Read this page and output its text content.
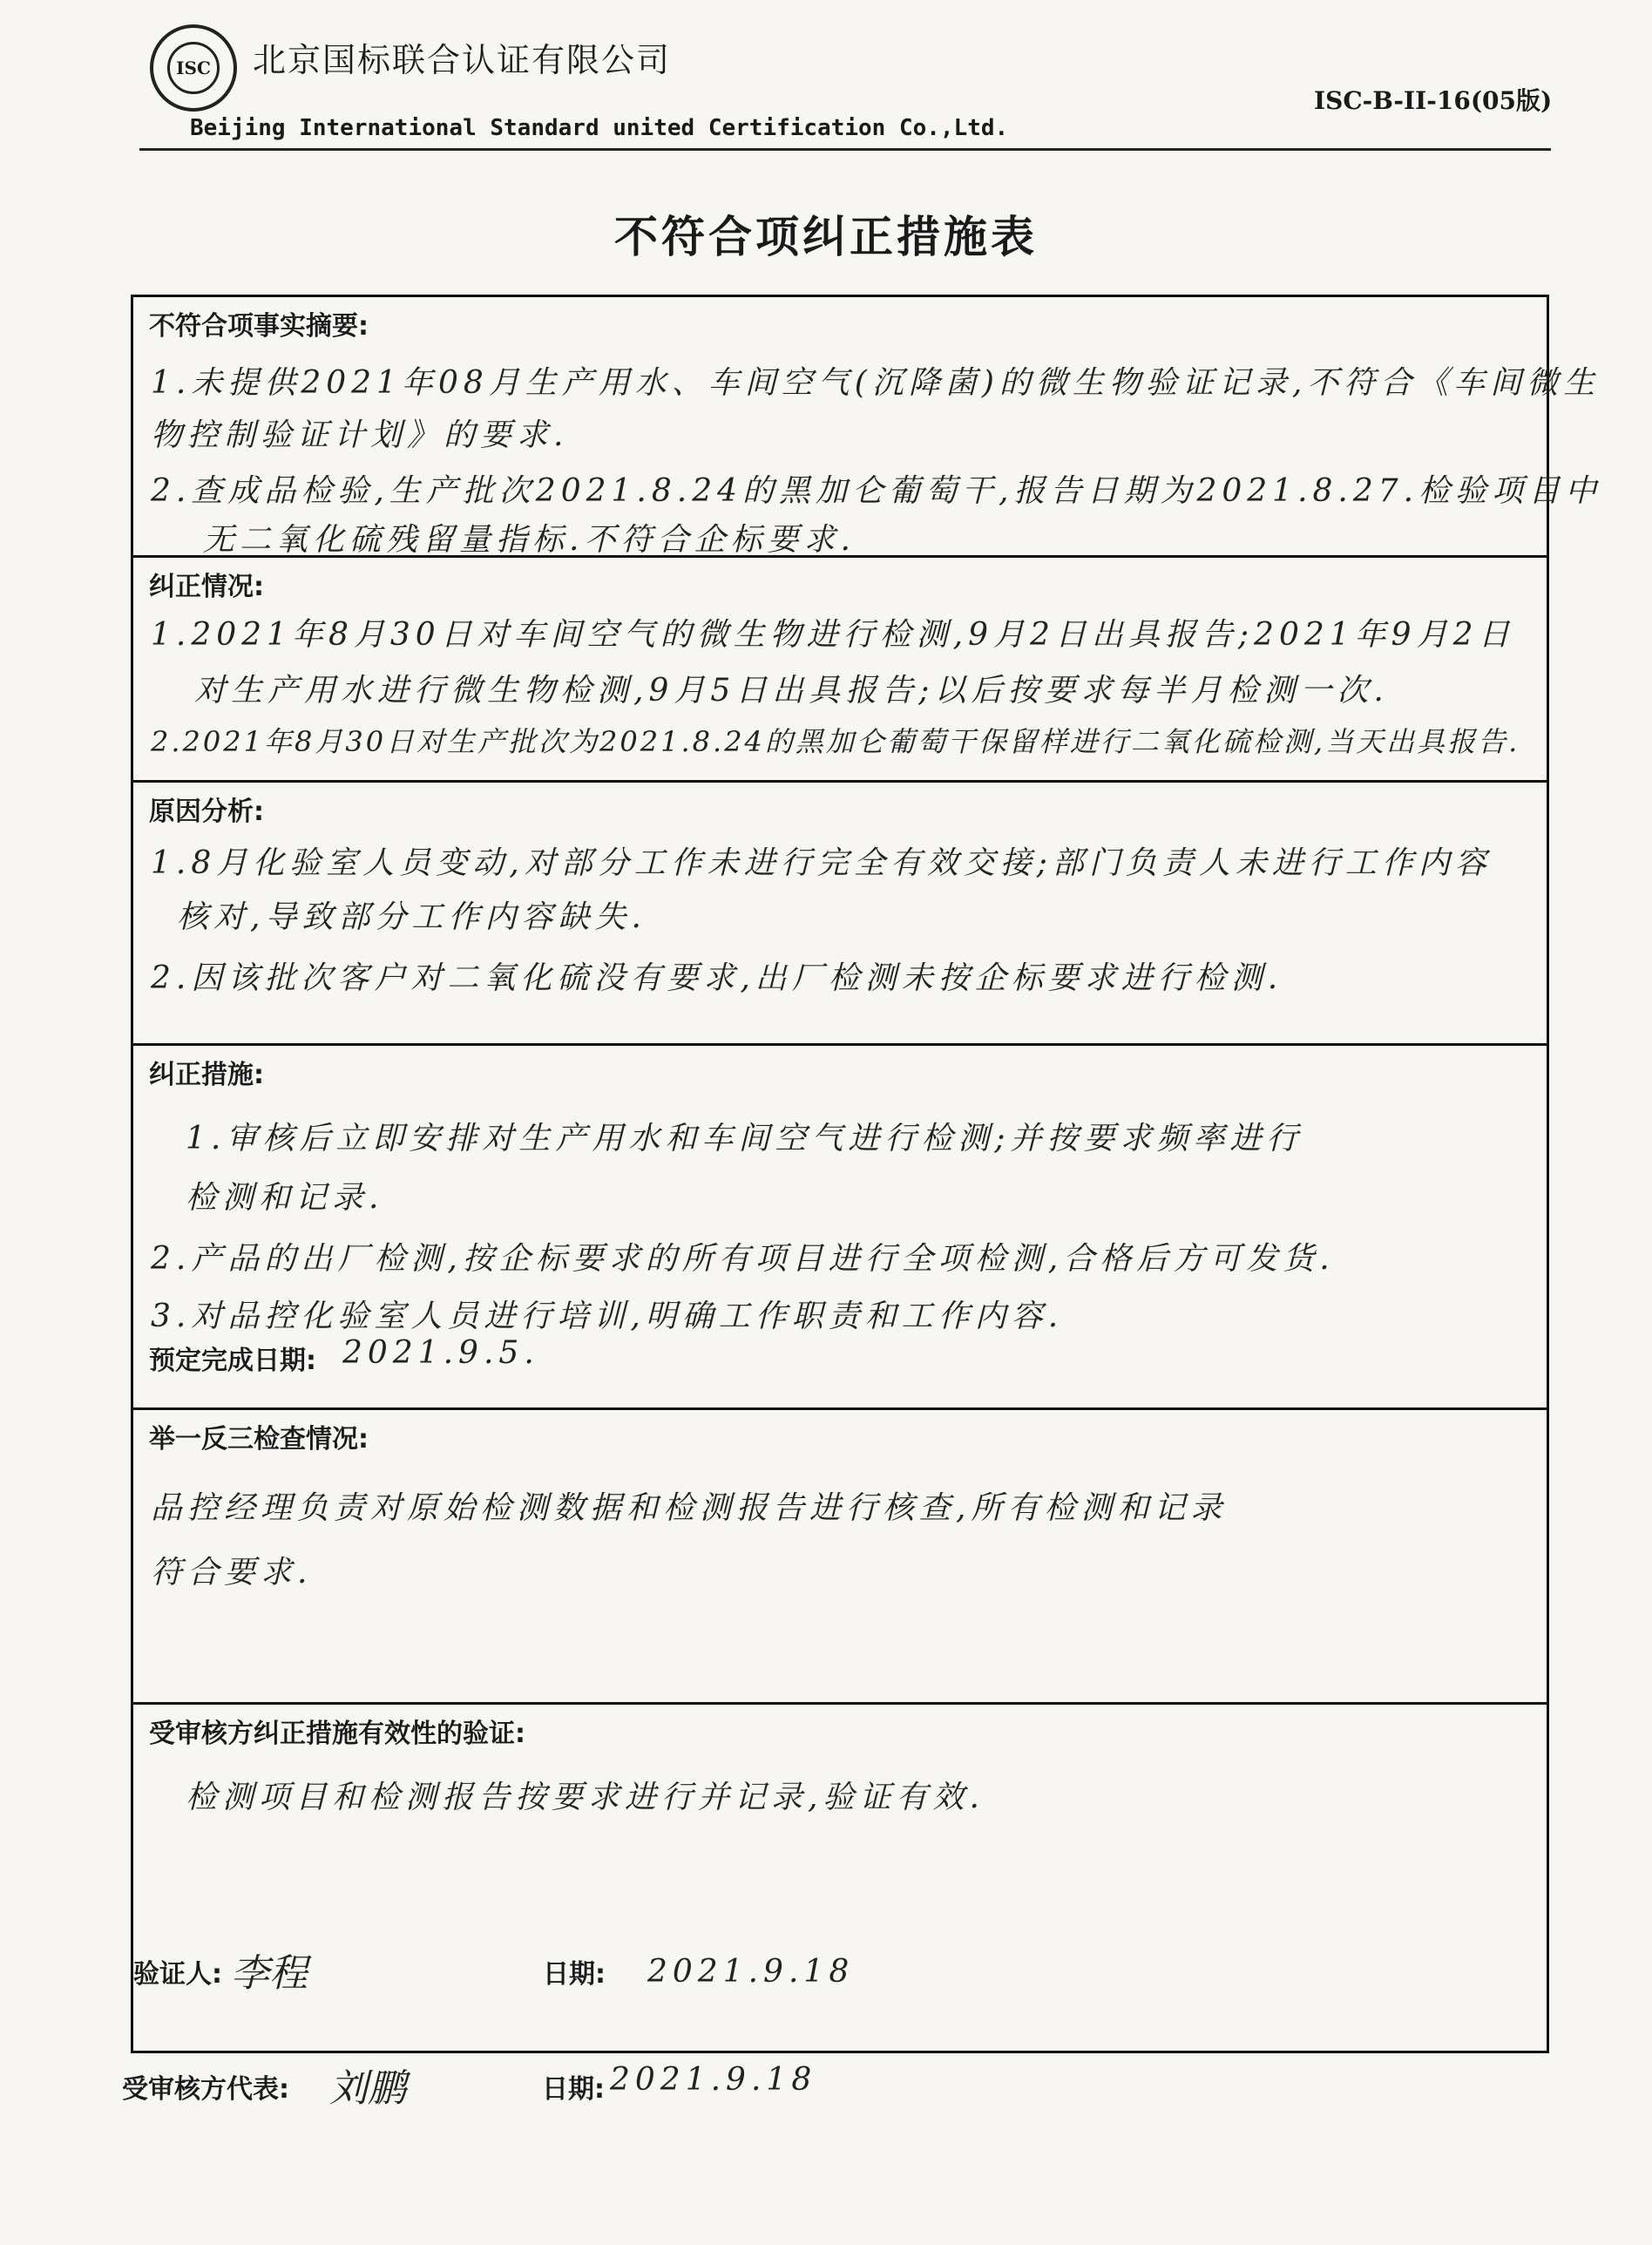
ISC 北京国标联合认证有限公司
Beijing International Standard united Certification Co.,Ltd.
ISC-B-II-16(05版)
不符合项纠正措施表
不符合项事实摘要:
1.未提供2021年08月生产用水、车间空气(沉降菌)的微生物验证记录,不符合《车间微生
物控制验证计划》的要求.
2.查成品检验,生产批次2021.8.24的黑加仑葡萄干,报告日期为2021.8.27.检验项目中
无二氧化硫残留量指标.不符合企标要求.
纠正情况:
1.2021年8月30日对车间空气的微生物进行检测,9月2日出具报告;2021年9月2日
对生产用水进行微生物检测,9月5日出具报告;以后按要求每半月检测一次.
2.2021年8月30日对生产批次为2021.8.24的黑加仑葡萄干保留样进行二氧化硫检测,当天出具报告.
原因分析:
1.8月化验室人员变动,对部分工作未进行完全有效交接;部门负责人未进行工作内容
核对,导致部分工作内容缺失.
2.因该批次客户对二氧化硫没有要求,出厂检测未按企标要求进行检测.
纠正措施:
1.审核后立即安排对生产用水和车间空气进行检测;并按要求频率进行
检测和记录.
2.产品的出厂检测,按企标要求的所有项目进行全项检测,合格后方可发货.
3.对品控化验室人员进行培训,明确工作职责和工作内容.
预定完成日期: 2021.9.5.
举一反三检查情况:
品控经理负责对原始检测数据和检测报告进行核查,所有检测和记录
符合要求.
受审核方纠正措施有效性的验证:
检测项目和检测报告按要求进行并记录,验证有效.
验证人: 李程	日期: 2021.9.18
受审核方代表: 刘鹏	日期: 2021.9.18
